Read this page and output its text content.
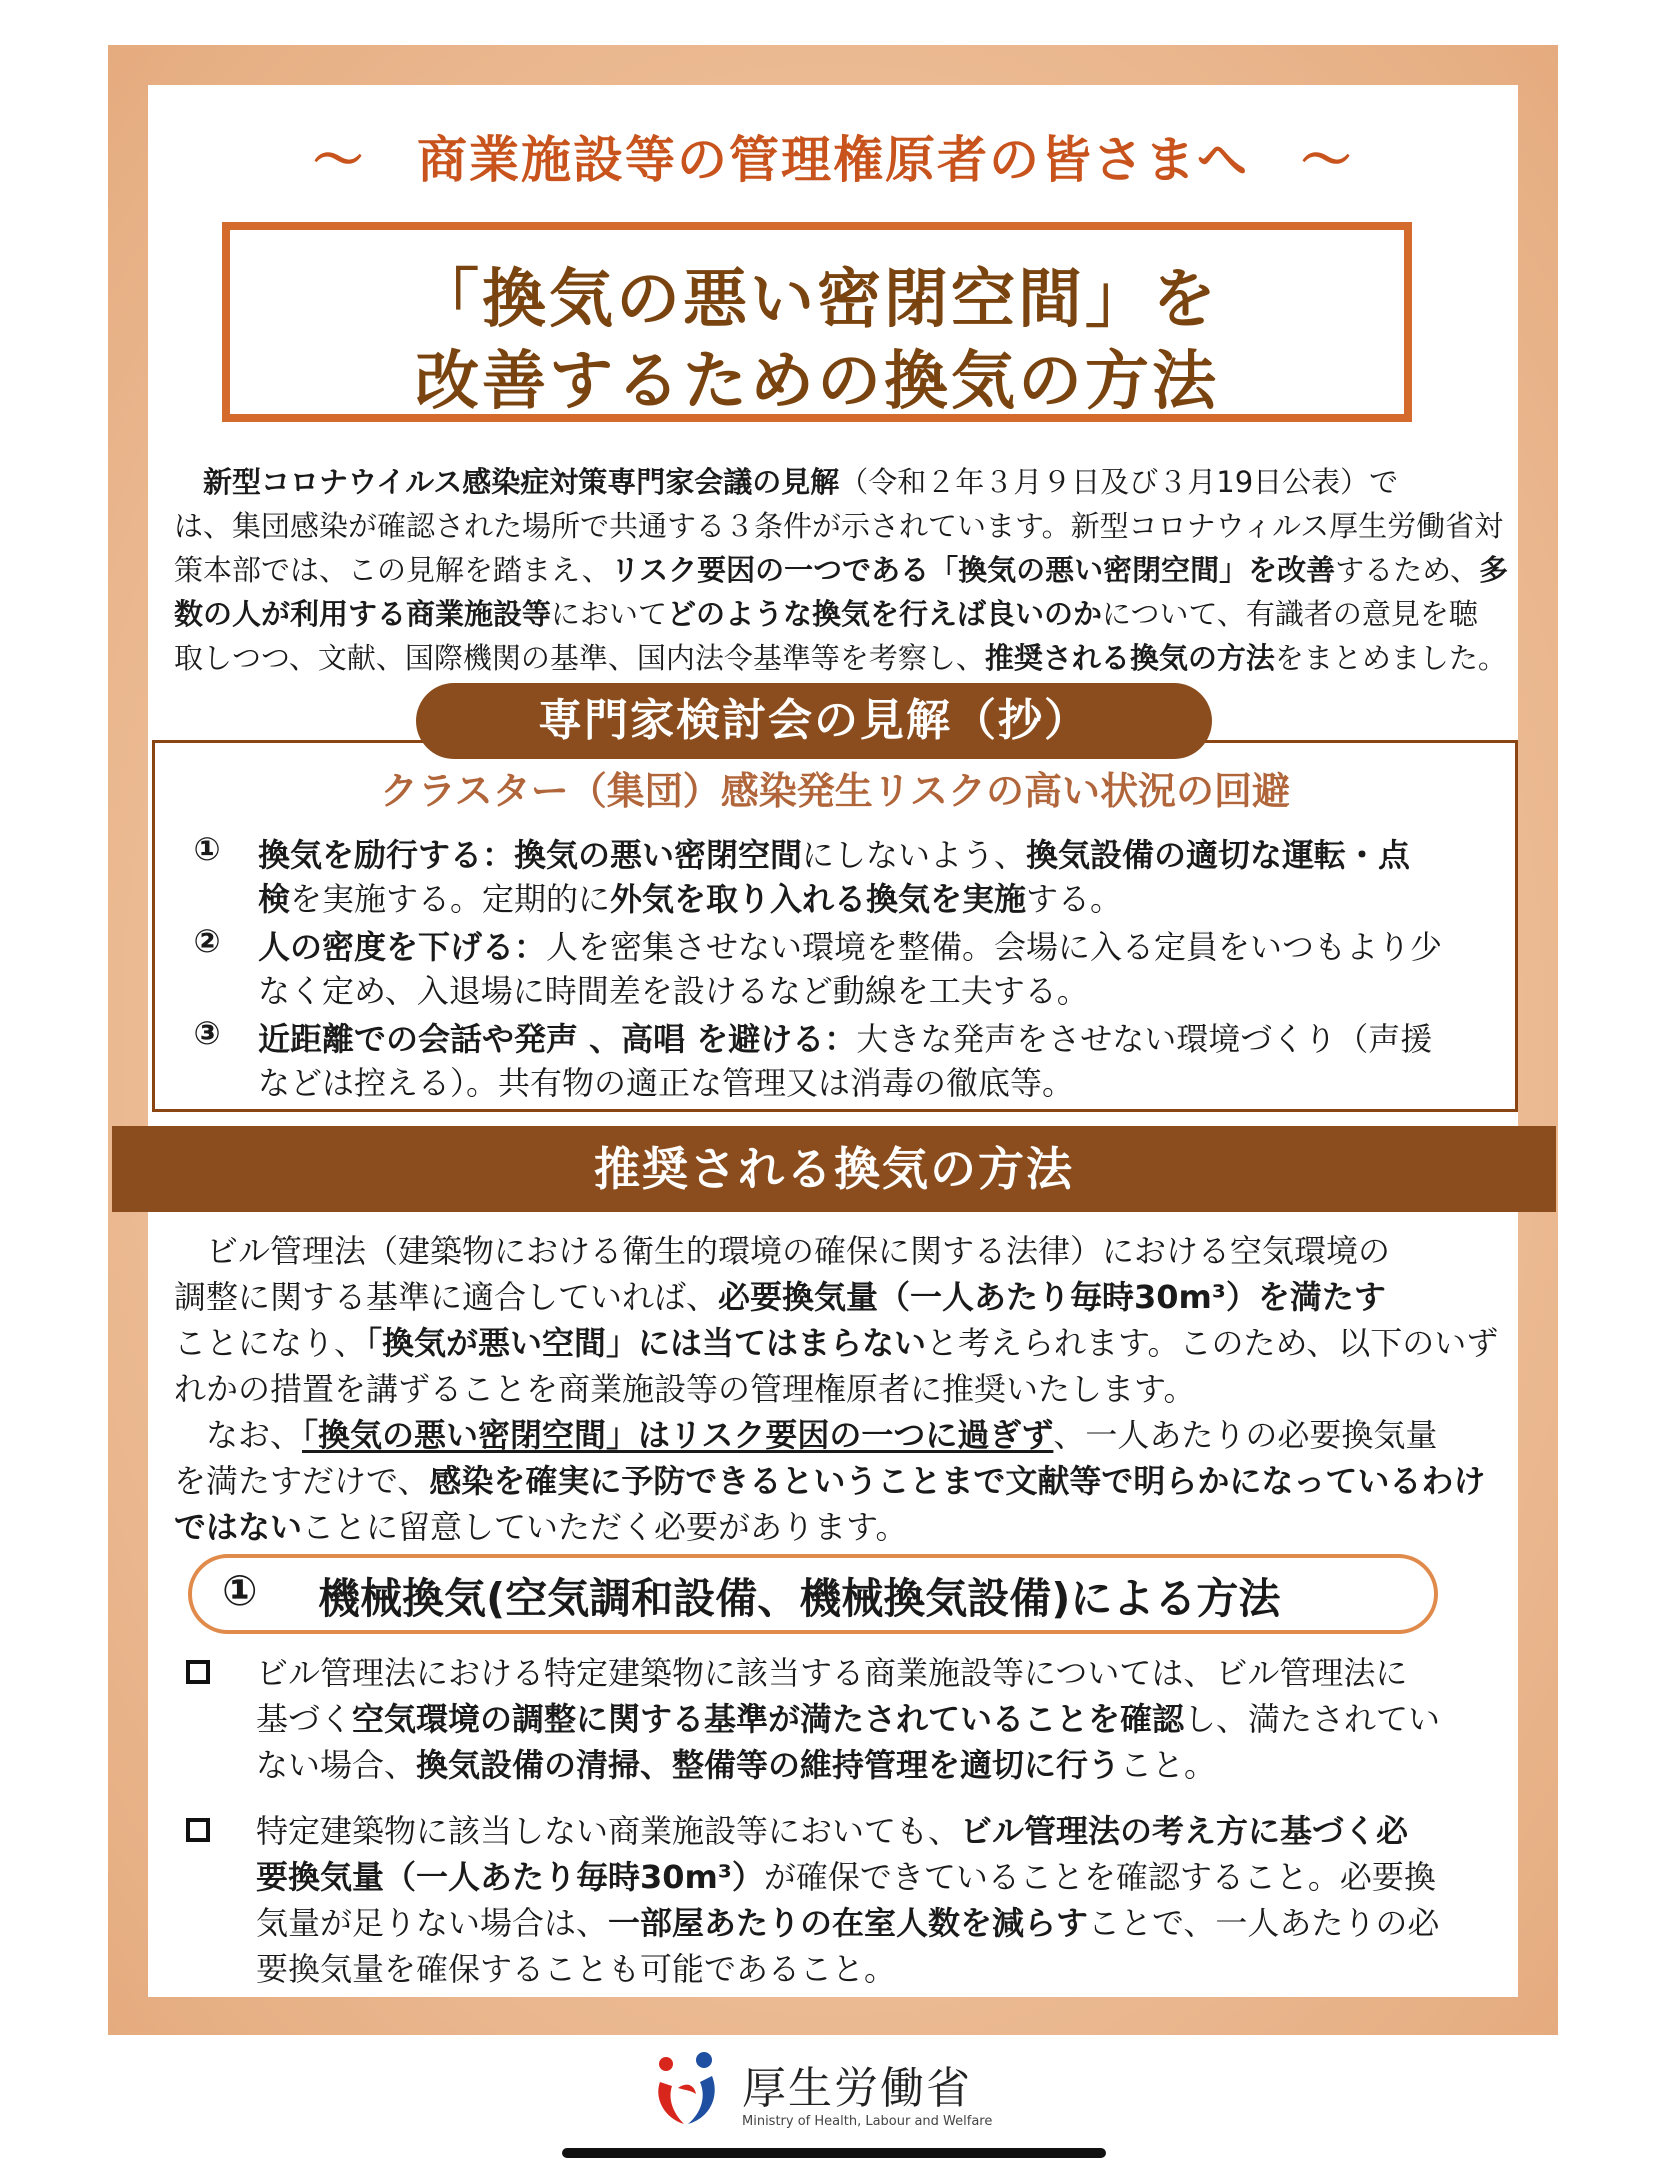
～　商業施設等の管理権原者の皆さまへ　～
「換気の悪い密閉空間」を
改善するための換気の方法
　新型コロナウイルス感染症対策専門家会議の見解（令和２年３月９日及び３月19日公表）で
は、集団感染が確認された場所で共通する３条件が示されています。新型コロナウィルス厚生労働省対
策本部では、この見解を踏まえ、リスク要因の一つである「換気の悪い密閉空間」を改善するため、多
数の人が利用する商業施設等においてどのような換気を行えば良いのかについて、有識者の意見を聴
取しつつ、文献、国際機関の基準、国内法令基準等を考察し、推奨される換気の方法をまとめました。
専門家検討会の見解（抄）
クラスター（集団）感染発生リスクの高い状況の回避
①	換気を励行する：換気の悪い密閉空間にしないよう、換気設備の適切な運転・点
検を実施する。定期的に外気を取り入れる換気を実施する。
②	人の密度を下げる：人を密集させない環境を整備。会場に入る定員をいつもより少
なく定め、入退場に時間差を設けるなど動線を工夫する。
③	近距離での会話や発声 、高唱 を避ける：大きな発声をさせない環境づくり（声援
などは控える）。共有物の適正な管理又は消毒の徹底等。
推奨される換気の方法
　ビル管理法（建築物における衛生的環境の確保に関する法律）における空気環境の
調整に関する基準に適合していれば、必要換気量（一人あたり毎時30m³）を満たす
ことになり、「換気が悪い空間」には当てはまらないと考えられます。このため、以下のいず
れかの措置を講ずることを商業施設等の管理権原者に推奨いたします。
　なお、「換気の悪い密閉空間」はリスク要因の一つに過ぎず、一人あたりの必要換気量
を満たすだけで、感染を確実に予防できるということまで文献等で明らかになっているわけ
ではないことに留意していただく必要があります。
① 機械換気(空気調和設備、機械換気設備)による方法
ビル管理法における特定建築物に該当する商業施設等については、ビル管理法に
基づく空気環境の調整に関する基準が満たされていることを確認し、満たされてい
ない場合、換気設備の清掃、整備等の維持管理を適切に行うこと。
特定建築物に該当しない商業施設等においても、ビル管理法の考え方に基づく必
要換気量（一人あたり毎時30m³）が確保できていることを確認すること。必要換
気量が足りない場合は、一部屋あたりの在室人数を減らすことで、一人あたりの必
要換気量を確保することも可能であること。
厚生労働省
Ministry of Health, Labour and Welfare
